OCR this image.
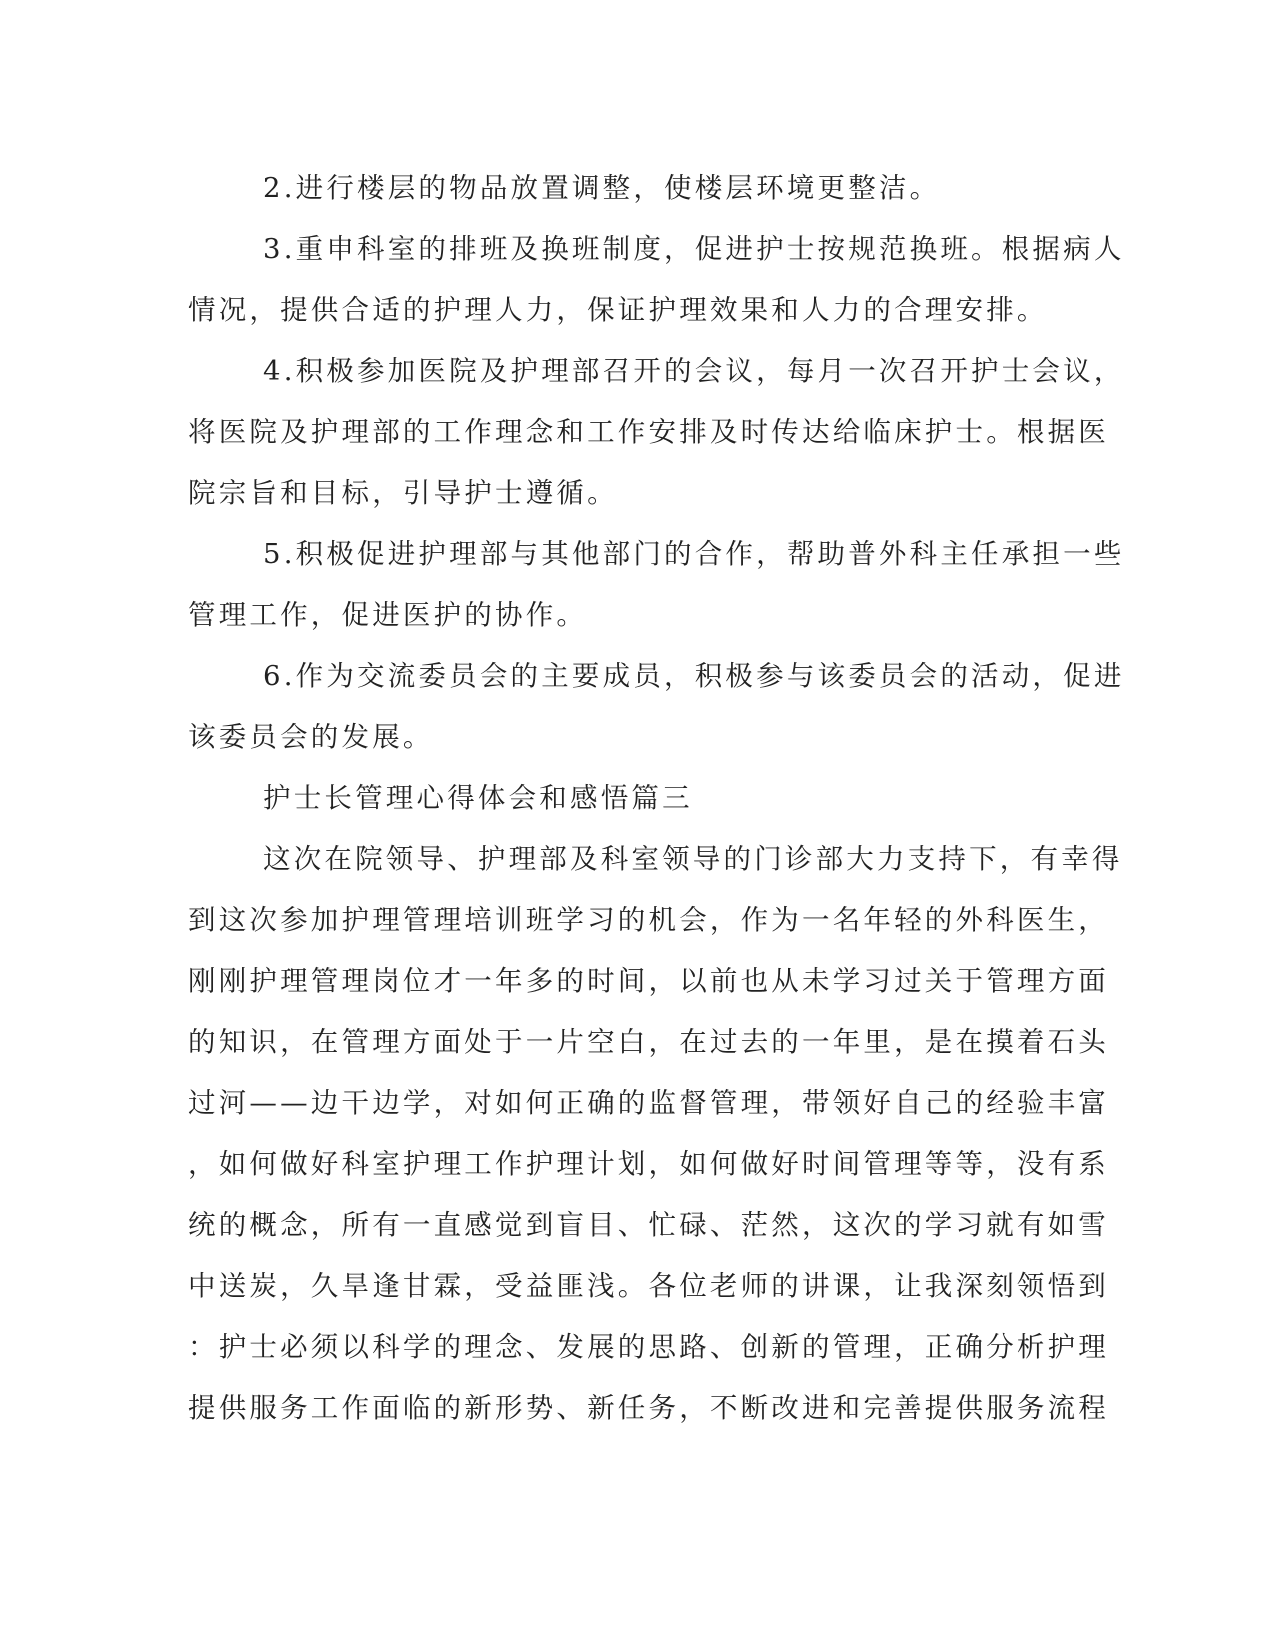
2.进行楼层的物品放置调整，使楼层环境更整洁。
3.重申科室的排班及换班制度，促进护士按规范换班。根据病人
情况，提供合适的护理人力，保证护理效果和人力的合理安排。
4.积极参加医院及护理部召开的会议，每月一次召开护士会议，
将医院及护理部的工作理念和工作安排及时传达给临床护士。根据医
院宗旨和目标，引导护士遵循。
5.积极促进护理部与其他部门的合作，帮助普外科主任承担一些
管理工作，促进医护的协作。
6.作为交流委员会的主要成员，积极参与该委员会的活动，促进
该委员会的发展。
护士长管理心得体会和感悟篇三
这次在院领导、护理部及科室领导的门诊部大力支持下，有幸得
到这次参加护理管理培训班学习的机会，作为一名年轻的外科医生，
刚刚护理管理岗位才一年多的时间，以前也从未学习过关于管理方面
的知识，在管理方面处于一片空白，在过去的一年里，是在摸着石头
过河——边干边学，对如何正确的监督管理，带领好自己的经验丰富
，如何做好科室护理工作护理计划，如何做好时间管理等等，没有系
统的概念，所有一直感觉到盲目、忙碌、茫然，这次的学习就有如雪
中送炭，久旱逢甘霖，受益匪浅。各位老师的讲课，让我深刻领悟到
：护士必须以科学的理念、发展的思路、创新的管理，正确分析护理
提供服务工作面临的新形势、新任务，不断改进和完善提供服务流程
